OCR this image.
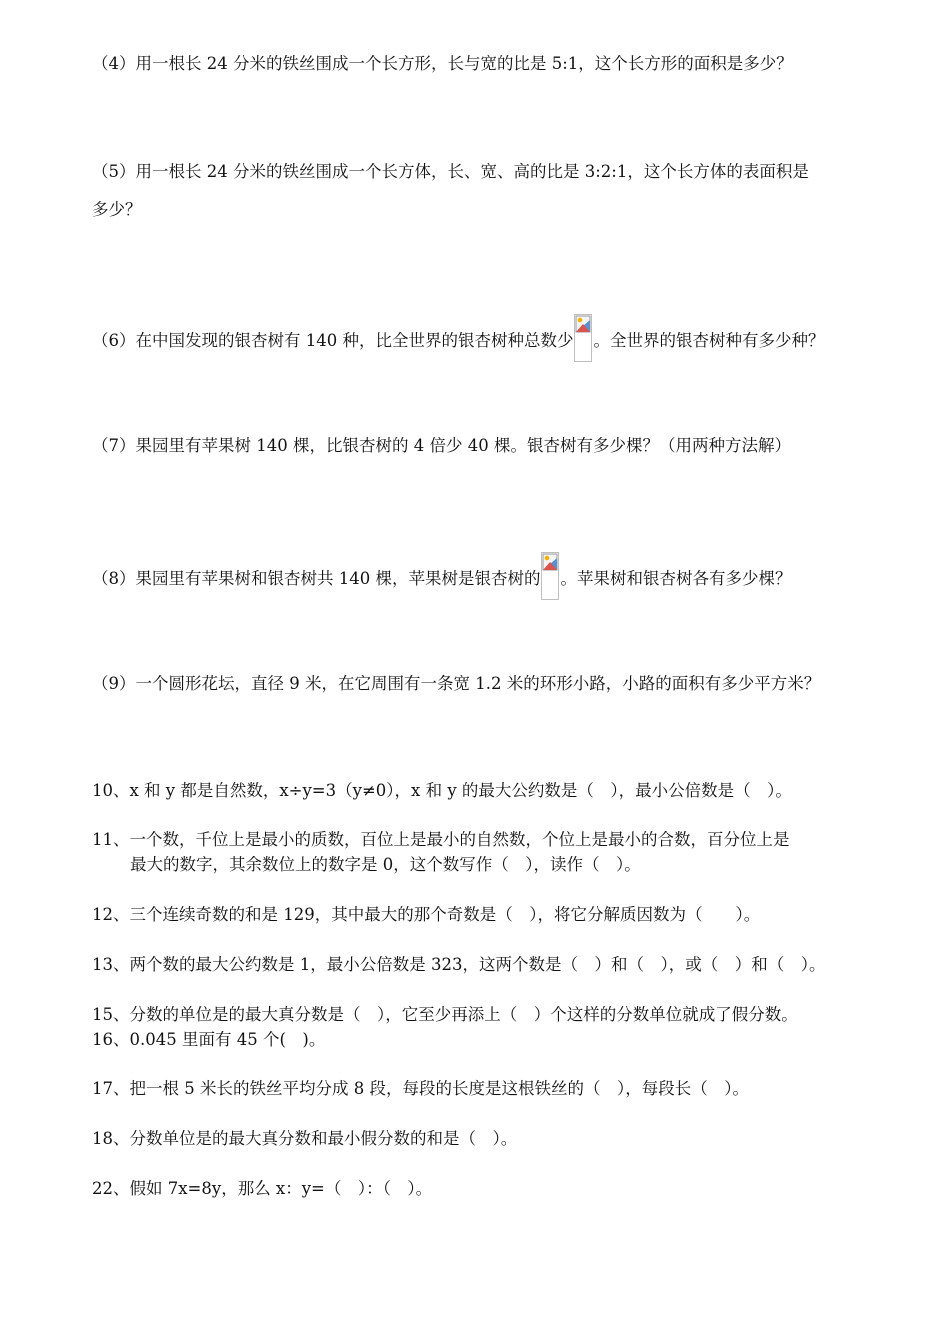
（4）用一根长 24 分米的铁丝围成一个长方形，长与宽的比是 5:1，这个长方形的面积是多少？
（5）用一根长 24 分米的铁丝围成一个长方体，长、宽、高的比是 3:2:1，这个长方体的表面积是
多少？
（6）在中国发现的银杏树有 140 种，比全世界的银杏树种总数少 。全世界的银杏树种有多少种？
（7）果园里有苹果树 140 棵，比银杏树的 4 倍少 40 棵。银杏树有多少棵？（用两种方法解）
（8）果园里有苹果树和银杏树共 140 棵，苹果树是银杏树的 。苹果树和银杏树各有多少棵？
（9）一个圆形花坛，直径 9 米，在它周围有一条宽 1.2 米的环形小路，小路的面积有多少平方米？
10、x 和 y 都是自然数，x÷y=3（y≠0），x 和 y 的最大公约数是（　），最小公倍数是（　）。
11、一个数，千位上是最小的质数，百位上是最小的自然数，个位上是最小的合数，百分位上是
最大的数字，其余数位上的数字是 0，这个数写作（　），读作（　）。
12、三个连续奇数的和是 129，其中最大的那个奇数是（　），将它分解质因数为（　　）。
13、两个数的最大公约数是 1，最小公倍数是 323，这两个数是（　）和（　），或（　）和（　）。
15、分数的单位是的最大真分数是（　），它至少再添上（　）个这样的分数单位就成了假分数。
16、0.045 里面有 45 个(　)。
17、把一根 5 米长的铁丝平均分成 8 段，每段的长度是这根铁丝的（　），每段长（　）。
18、分数单位是的最大真分数和最小假分数的和是（　）。
22、假如 7x=8y，那么 x：y=（　）：（　）。
